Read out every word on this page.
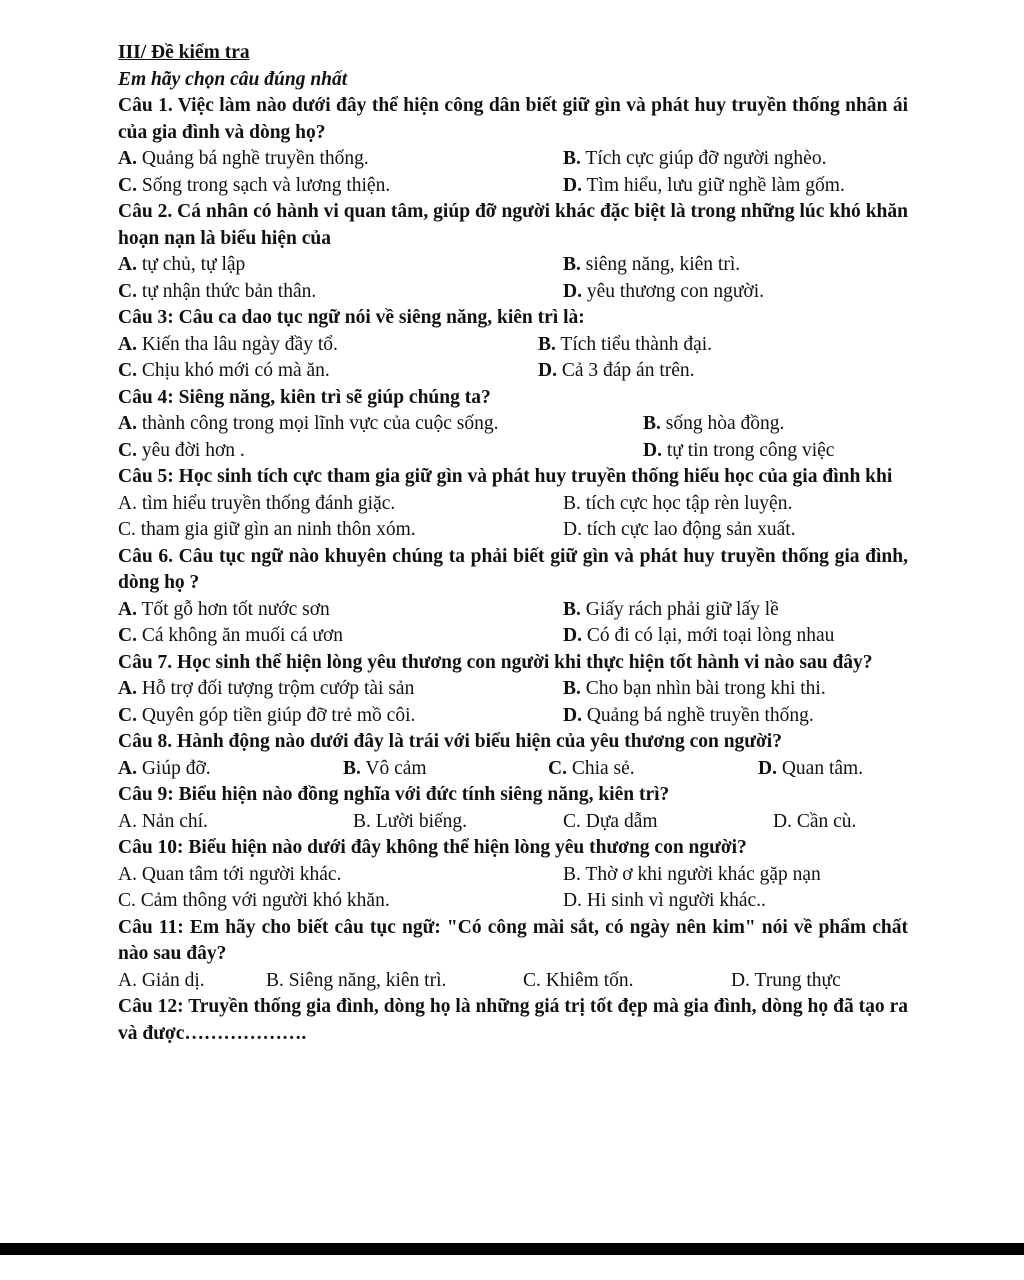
III/ Đề kiểm tra

Em hãy chọn câu đúng nhất

Câu 1. Việc làm nào dưới đây thể hiện công dân biết giữ gìn và phát huy truyền thống nhân ái của gia đình và dòng họ?

A. Quảng bá nghề truyền thống.	B. Tích cực giúp đỡ người nghèo.
C. Sống trong sạch và lương thiện.	D. Tìm hiểu, lưu giữ nghề làm gốm.

Câu 2. Cá nhân có hành vi quan tâm, giúp đỡ người khác đặc biệt là trong những lúc khó khăn hoạn nạn là biểu hiện của

A. tự chủ, tự lập	B. siêng năng, kiên trì.
C. tự nhận thức bản thân.	D. yêu thương con người.

Câu 3: Câu ca dao tục ngữ nói về siêng năng, kiên trì là:

A. Kiến tha lâu ngày đầy tổ.	B. Tích tiểu thành đại.
C. Chịu khó mới có mà ăn.	D. Cả 3 đáp án trên.

Câu 4: Siêng năng, kiên trì sẽ giúp chúng ta?

A. thành công trong mọi lĩnh vực của cuộc sống.	B. sống hòa đồng.
C. yêu đời hơn .	D. tự tin trong công việc

Câu 5: Học sinh tích cực tham gia giữ gìn và phát huy truyền thống hiếu học của gia đình khi

A. tìm hiểu truyền thống đánh giặc.	B. tích cực học tập rèn luyện.
C. tham gia giữ gìn an ninh thôn xóm.	D. tích cực lao động sản xuất.

Câu 6. Câu tục ngữ nào khuyên chúng ta phải biết giữ gìn và phát huy truyền thống gia đình, dòng họ ?

A. Tốt gỗ hơn tốt nước sơn	B. Giấy rách phải giữ lấy lề
C. Cá không ăn muối cá ươn	D. Có đi có lại, mới toại lòng nhau

Câu 7. Học sinh thể hiện lòng yêu thương con người khi thực hiện tốt hành vi nào sau đây?

A. Hỗ trợ đối tượng trộm cướp tài sản	B. Cho bạn nhìn bài trong khi thi.
C. Quyên góp tiền giúp đỡ trẻ mồ côi.	D. Quảng bá nghề truyền thống.

Câu 8. Hành động nào dưới đây là trái với biểu hiện của yêu thương con người?

A. Giúp đỡ.	B. Vô cảm	C. Chia sẻ.	D. Quan tâm.

Câu 9: Biểu hiện nào đồng nghĩa với đức tính siêng năng, kiên trì?

A. Nản chí.	B. Lười biếng.	C. Dựa dẫm	D. Cần cù.

Câu 10: Biểu hiện nào dưới đây không thể hiện lòng yêu thương con người?

A. Quan tâm tới người khác.	B. Thờ ơ khi người khác gặp nạn
C. Cảm thông với người khó khăn.	D. Hi sinh vì người khác..

Câu 11: Em hãy cho biết câu tục ngữ: "Có công mài sắt, có ngày nên kim" nói về phẩm chất nào sau đây?

A. Giản dị.	B. Siêng năng, kiên trì.	C. Khiêm tốn.	D. Trung thực

Câu 12: Truyền thống gia đình, dòng họ là những giá trị tốt đẹp mà gia đình, dòng họ đã tạo ra và được……………….
